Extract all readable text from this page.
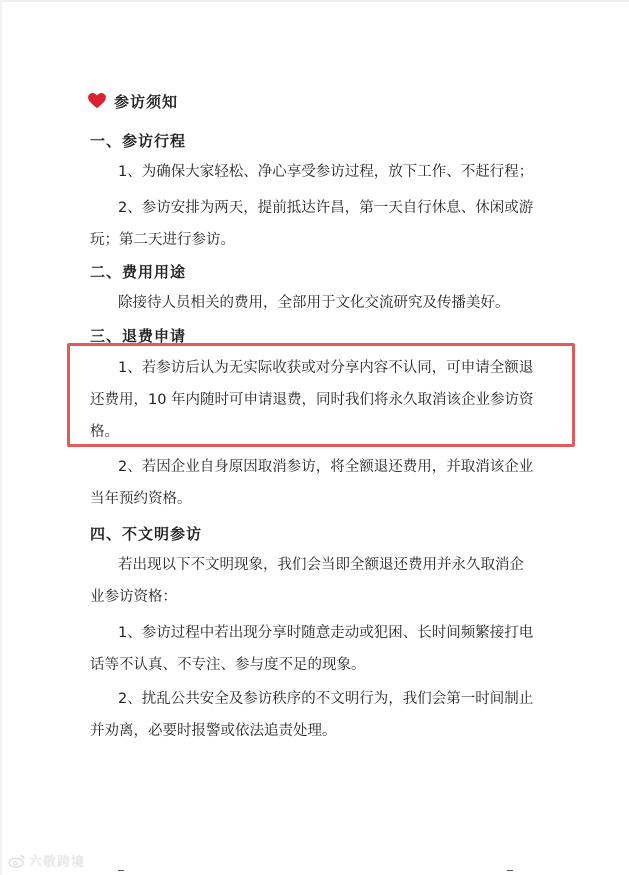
参访须知
一、参访行程
1、为确保大家轻松、净心享受参访过程，放下工作、不赶行程；
2、参访安排为两天，提前抵达许昌，第一天自行休息、休闲或游
玩；第二天进行参访。
二、费用用途
除接待人员相关的费用，全部用于文化交流研究及传播美好。
三、退费申请
1、若参访后认为无实际收获或对分享内容不认同，可申请全额退
还费用，10 年内随时可申请退费，同时我们将永久取消该企业参访资
格。
2、若因企业自身原因取消参访，将全额退还费用，并取消该企业
当年预约资格。
四、不文明参访
若出现以下不文明现象，我们会当即全额退还费用并永久取消企
业参访资格：
1、参访过程中若出现分享时随意走动或犯困、长时间频繁接打电
话等不认真、不专注、参与度不足的现象。
2、扰乱公共安全及参访秩序的不文明行为，我们会第一时间制止
并劝离，必要时报警或依法追责处理。
六敬跨境
